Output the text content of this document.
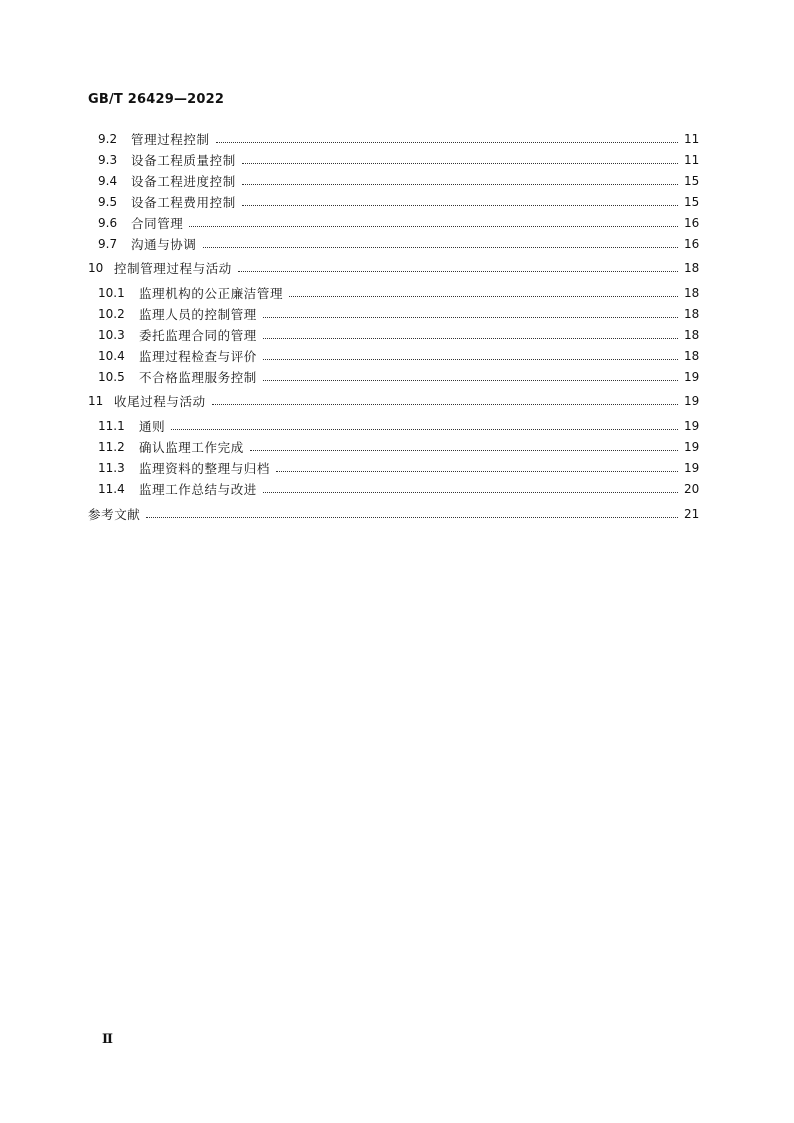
GB/T 26429—2022
9.2	管理过程控制	11
9.3	设备工程质量控制	11
9.4	设备工程进度控制	15
9.5	设备工程费用控制	15
9.6	合同管理	16
9.7	沟通与协调	16
10 控制管理过程与活动	18
10.1	监理机构的公正廉洁管理	18
10.2	监理人员的控制管理	18
10.3	委托监理合同的管理	18
10.4	监理过程检查与评价	18
10.5	不合格监理服务控制	19
11 收尾过程与活动	19
11.1	通则	19
11.2	确认监理工作完成	19
11.3	监理资料的整理与归档	19
11.4	监理工作总结与改进	20
参考文献	21
Ⅱ
